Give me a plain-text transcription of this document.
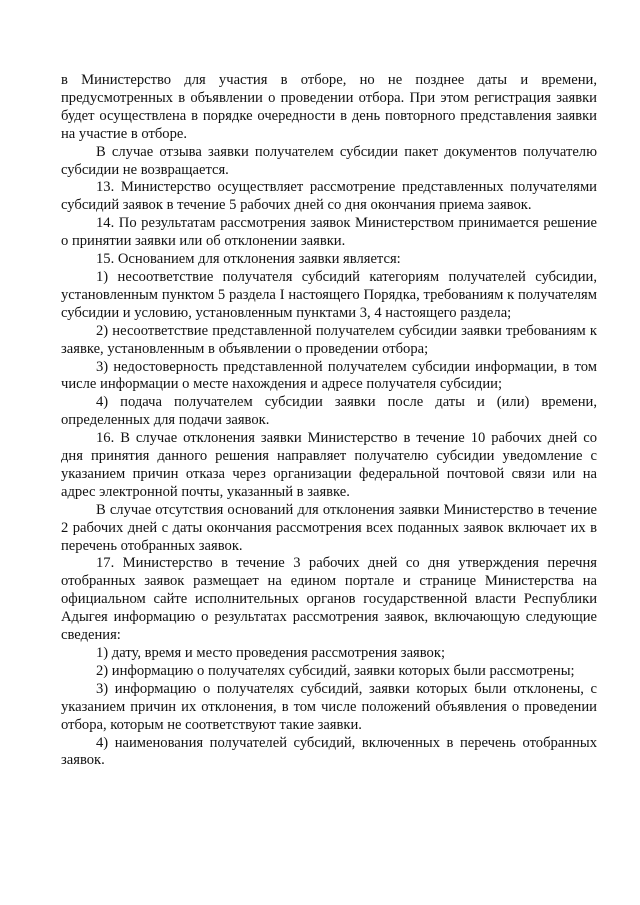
в Министерство для участия в отборе, но не позднее даты и времени, предусмотренных в объявлении о проведении отбора. При этом регистрация заявки будет осуществлена в порядке очередности в день повторного представления заявки на участие в отборе.

В случае отзыва заявки получателем субсидии пакет документов получателю субсидии не возвращается.

13. Министерство осуществляет рассмотрение представленных получателями субсидий заявок в течение 5 рабочих дней со дня окончания приема заявок.

14. По результатам рассмотрения заявок Министерством принимается решение о принятии заявки или об отклонении заявки.

15. Основанием для отклонения заявки является:

1) несоответствие получателя субсидий категориям получателей субсидии, установленным пунктом 5 раздела I настоящего Порядка, требованиям к получателям субсидии и условию, установленным пунктами 3, 4 настоящего раздела;

2) несоответствие представленной получателем субсидии заявки требованиям к заявке, установленным в объявлении о проведении отбора;

3) недостоверность представленной получателем субсидии информации, в том числе информации о месте нахождения и адресе получателя субсидии;

4) подача получателем субсидии заявки после даты и (или) времени, определенных для подачи заявок.

16. В случае отклонения заявки Министерство в течение 10 рабочих дней со дня принятия данного решения направляет получателю субсидии уведомление с указанием причин отказа через организации федеральной почтовой связи или на адрес электронной почты, указанный в заявке.

В случае отсутствия оснований для отклонения заявки Министерство в течение 2 рабочих дней с даты окончания рассмотрения всех поданных заявок включает их в перечень отобранных заявок.

17. Министерство в течение 3 рабочих дней со дня утверждения перечня отобранных заявок размещает на едином портале и странице Министерства на официальном сайте исполнительных органов государственной власти Республики Адыгея информацию о результатах рассмотрения заявок, включающую следующие сведения:

1) дату, время и место проведения рассмотрения заявок;

2) информацию о получателях субсидий, заявки которых были рассмотрены;

3) информацию о получателях субсидий, заявки которых были отклонены, с указанием причин их отклонения, в том числе положений объявления о проведении отбора, которым не соответствуют такие заявки.

4) наименования получателей субсидий, включенных в перечень отобранных заявок.
